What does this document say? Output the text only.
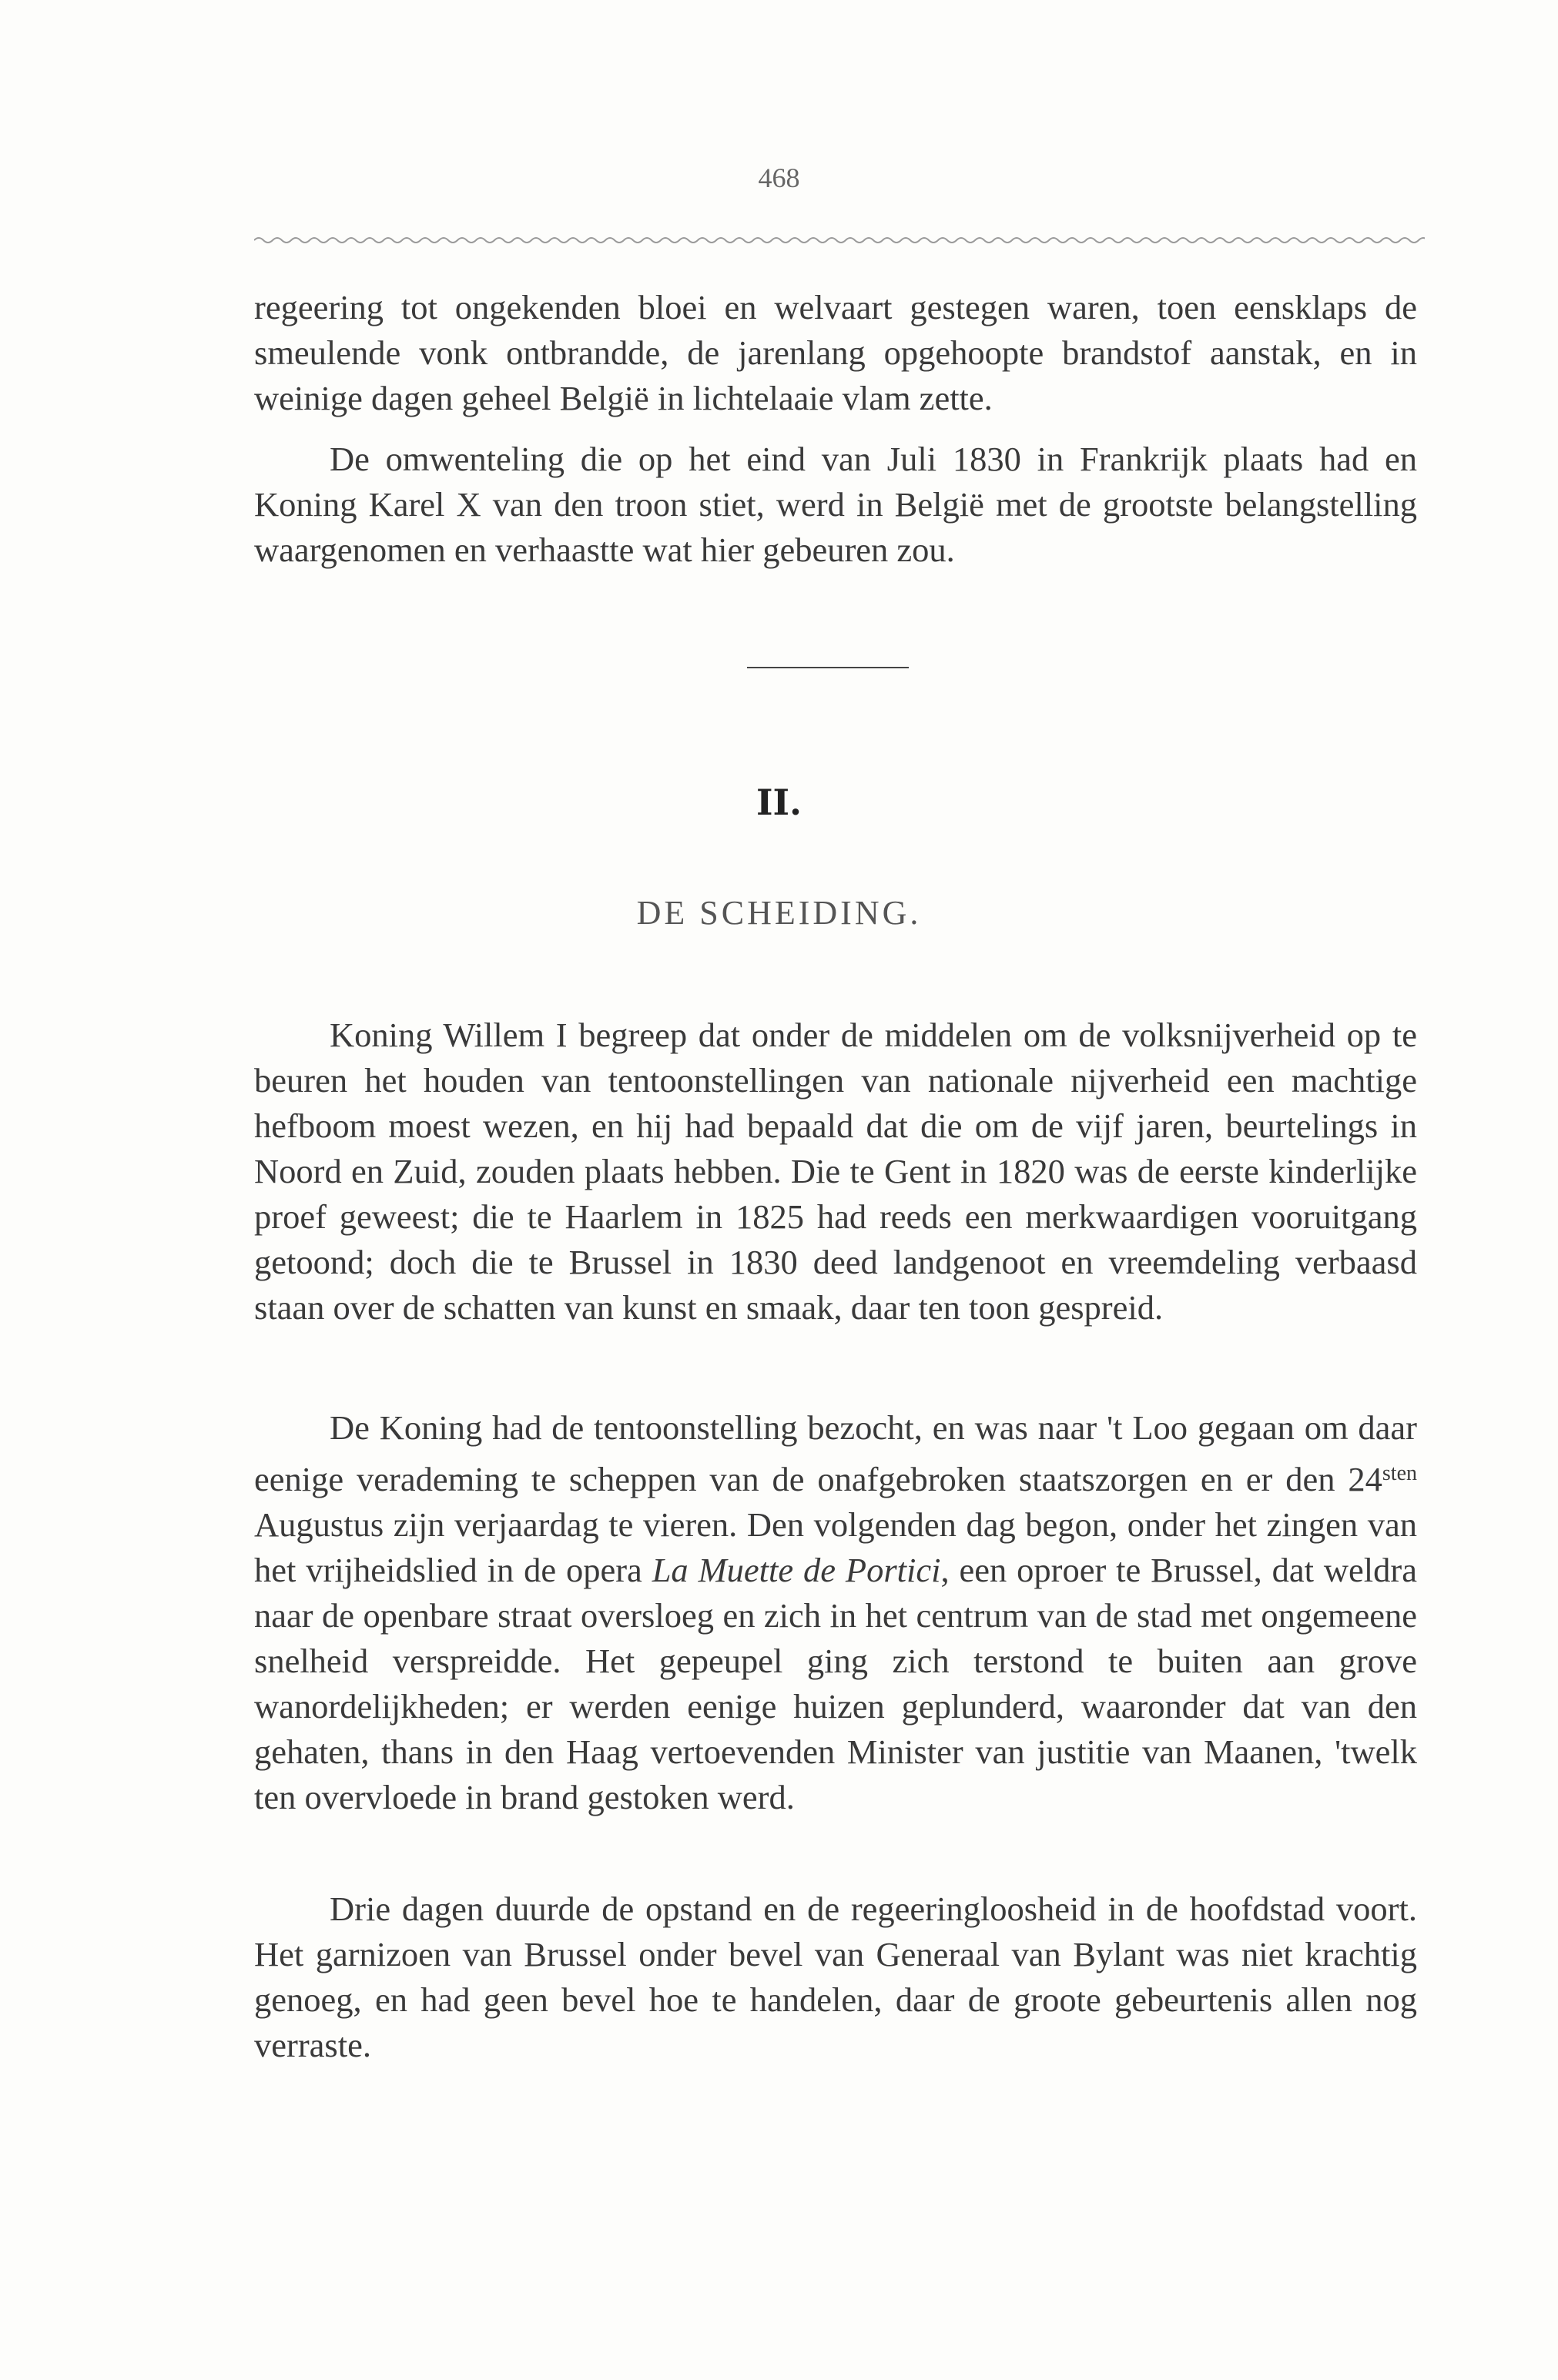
468

regeering tot ongekenden bloei en welvaart gestegen waren, toen eensklaps de smeulende vonk ontbrandde, de jarenlang opgehoopte brandstof aanstak, en in weinige dagen geheel België in lichtelaaie vlam zette.

De omwenteling die op het eind van Juli 1830 in Frankrijk plaats had en Koning Karel X van den troon stiet, werd in België met de grootste belangstelling waargenomen en verhaastte wat hier gebeuren zou.

II.
DE SCHEIDING.

Koning Willem I begreep dat onder de middelen om de volksnijverheid op te beuren het houden van tentoonstellingen van nationale nijverheid een machtige hefboom moest wezen, en hij had bepaald dat die om de vijf jaren, beurtelings in Noord en Zuid, zouden plaats hebben. Die te Gent in 1820 was de eerste kinderlijke proef geweest; die te Haarlem in 1825 had reeds een merkwaardigen vooruitgang getoond; doch die te Brussel in 1830 deed landgenoot en vreemdeling verbaasd staan over de schatten van kunst en smaak, daar ten toon gespreid.

De Koning had de tentoonstelling bezocht, en was naar 't Loo gegaan om daar eenige verademing te scheppen van de onafgebroken staatszorgen en er den $24^{sten}$ Augustus zijn verjaardag te vieren. Den volgenden dag begon, onder het zingen van het vrijheidslied in de opera La Muette de Portici, een oproer te Brussel, dat weldra naar de openbare straat oversloeg en zich in het centrum van de stad met ongemeene snelheid verspreidde. Het gepeupel ging zich terstond te buiten aan grove wanordelijkheden; er werden eenige huizen geplunderd, waaronder dat van den gehaten, thans in den Haag vertoevenden Minister van justitie van Maanen, 'twelk ten overvloede in brand gestoken werd.

Drie dagen duurde de opstand en de regeeringloosheid in de hoofdstad voort. Het garnizoen van Brussel onder bevel van Generaal van Bylant was niet krachtig genoeg, en had geen bevel hoe te handelen, daar de groote gebeurtenis allen nog verraste.
